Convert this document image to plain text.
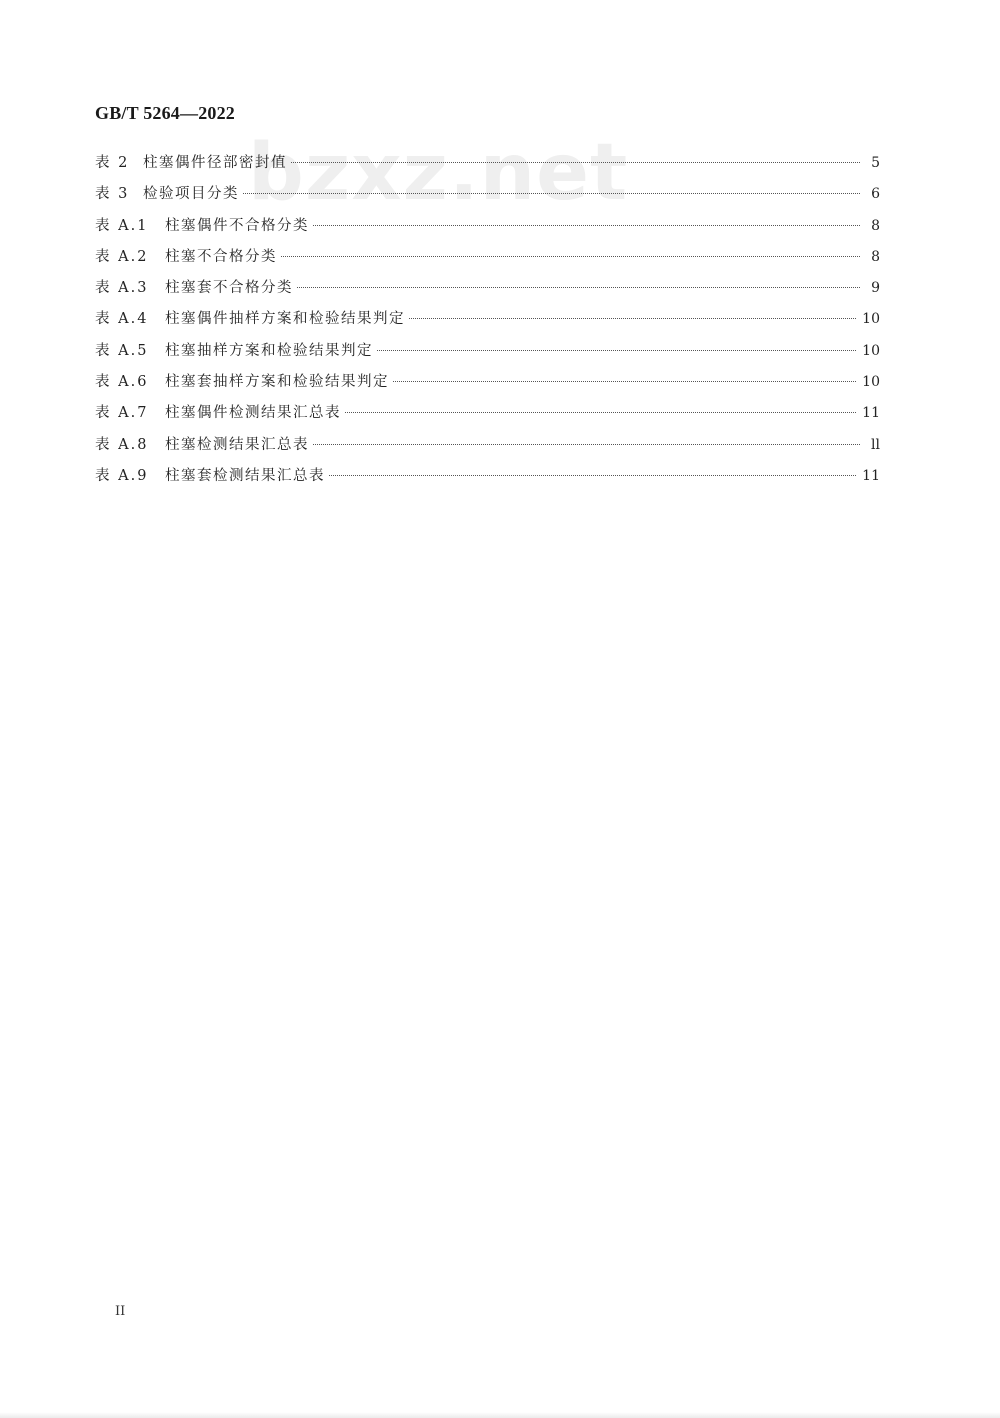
GB/T 5264—2022
bzxz.net
表 2 柱塞偶件径部密封值	5
表 3 检验项目分类	6
表 A.1	柱塞偶件不合格分类	8
表 A.2	柱塞不合格分类	8
表 A.3	柱塞套不合格分类	9
表 A.4	柱塞偶件抽样方案和检验结果判定	10
表 A.5	柱塞抽样方案和检验结果判定	10
表 A.6	柱塞套抽样方案和检验结果判定	10
表 A.7	柱塞偶件检测结果汇总表	11
表 A.8	柱塞检测结果汇总表	ll
表 A.9	柱塞套检测结果汇总表	11
II
